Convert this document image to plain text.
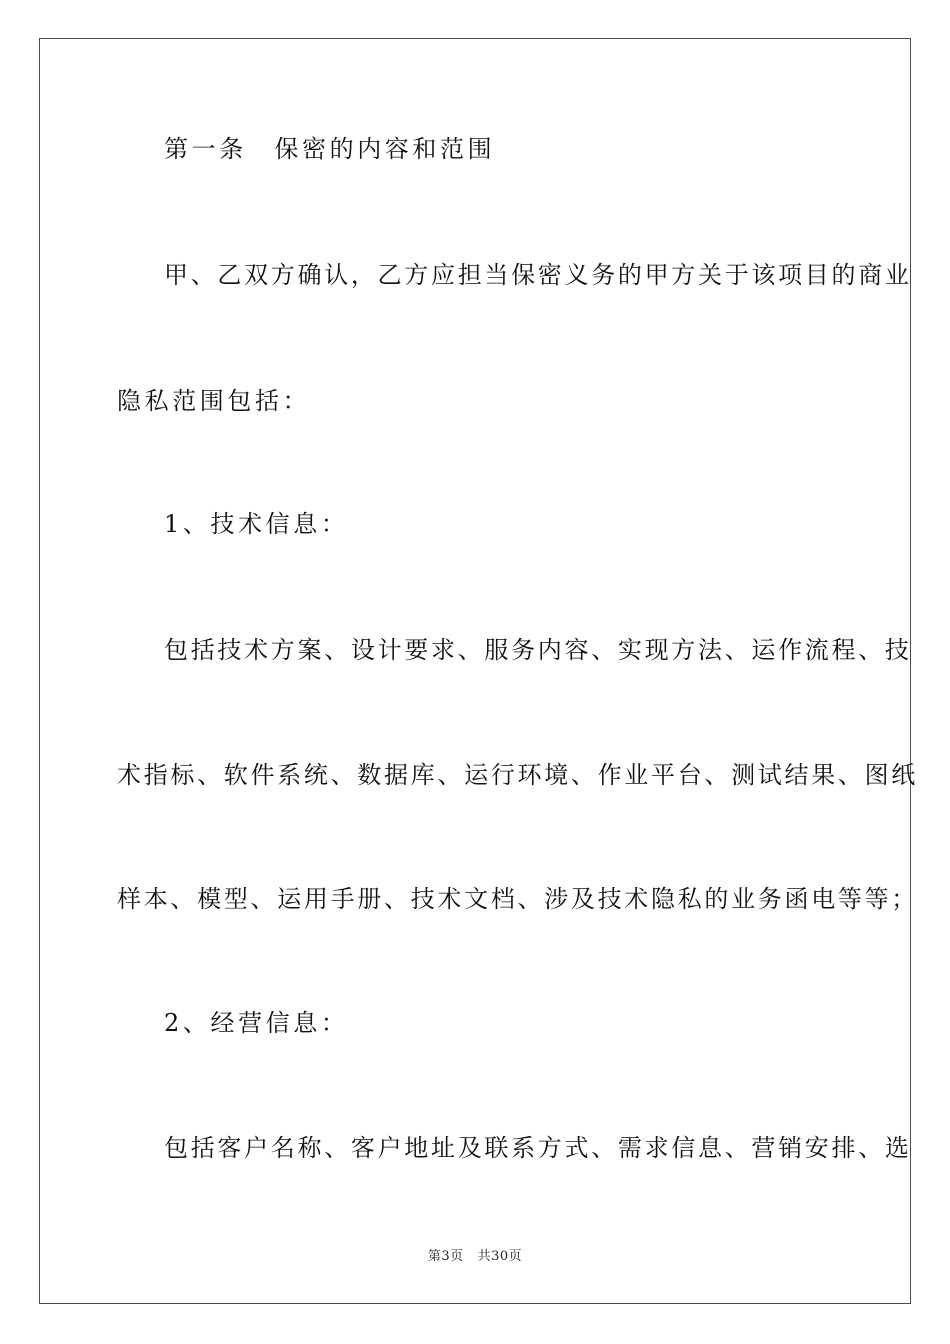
第一条　保密的内容和范围
甲、乙双方确认，乙方应担当保密义务的甲方关于该项目的商业
隐私范围包括：
1、技术信息：
包括技术方案、设计要求、服务内容、实现方法、运作流程、技
术指标、软件系统、数据库、运行环境、作业平台、测试结果、图纸
样本、模型、运用手册、技术文档、涉及技术隐私的业务函电等等；
2、经营信息：
包括客户名称、客户地址及联系方式、需求信息、营销安排、选
第3页 共30页
